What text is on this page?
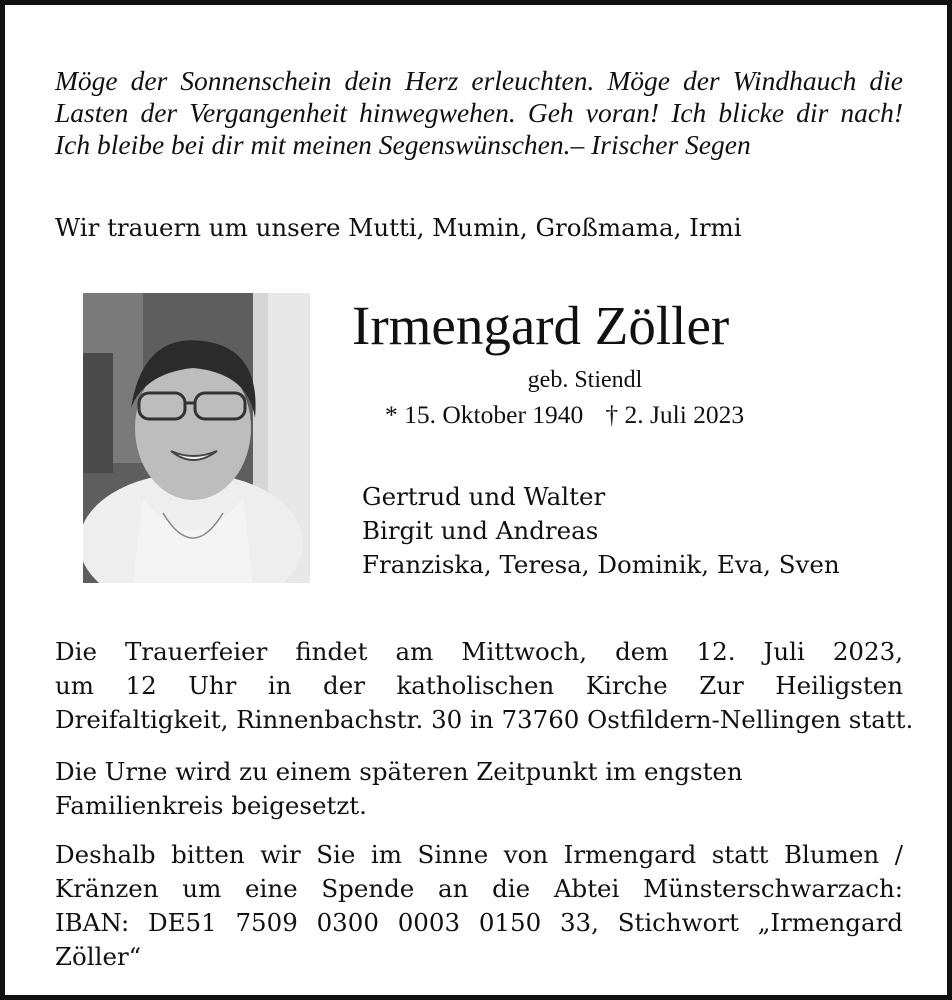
Möge der Sonnenschein dein Herz erleuchten. Möge der Windhauch die
Lasten der Vergangenheit hinwegwehen. Geh voran! Ich blicke dir nach!
Ich bleibe bei dir mit meinen Segenswünschen.– Irischer Segen
Wir trauern um unsere Mutti, Mumin, Großmama, Irmi
Irmengard Zöller
geb. Stiendl
* 15. Oktober 1940 † 2. Juli 2023
Gertrud und Walter
Birgit und Andreas
Franziska, Teresa, Dominik, Eva, Sven
Die Trauerfeier findet am Mittwoch, dem 12. Juli 2023,
um 12 Uhr in der katholischen Kirche Zur Heiligsten
Dreifaltigkeit, Rinnenbachstr. 30 in 73760 Ostfildern-Nellingen statt.
Die Urne wird zu einem späteren Zeitpunkt im engsten
Familienkreis beigesetzt.
Deshalb bitten wir Sie im Sinne von Irmengard statt Blumen /
Kränzen um eine Spende an die Abtei Münsterschwarzach:
IBAN: DE51 7509 0300 0003 0150 33, Stichwort „Irmengard Zöller“
